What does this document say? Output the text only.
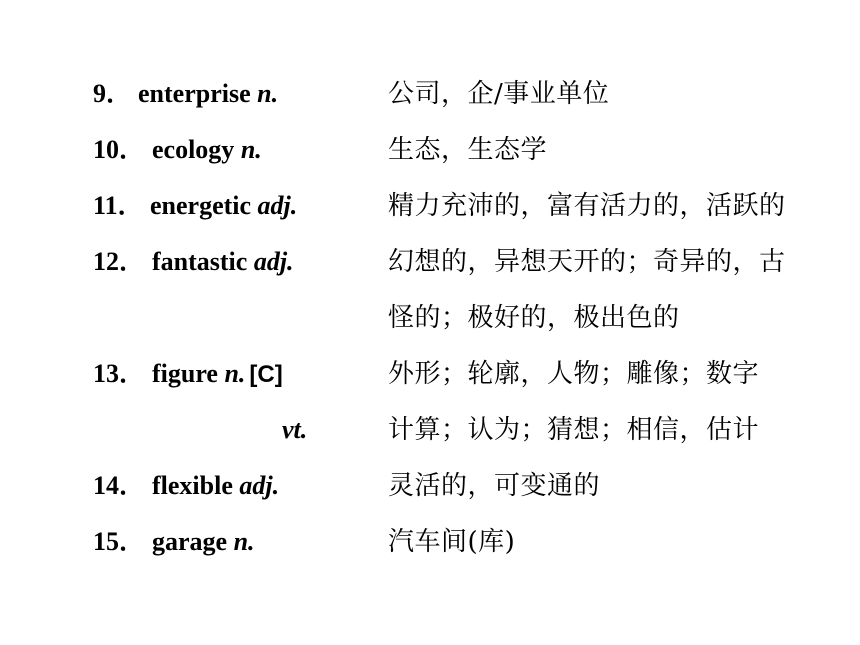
9． enterprise n.	公司，企/事业单位
10． ecology n.	生态，生态学
11． energetic adj.	精力充沛的，富有活力的，活跃的
12． fantastic adj.	幻想的，异想天开的；奇异的，古
怪的；极好的，极出色的
13． figure n. [C]	外形；轮廓，人物；雕像；数字
vt.	计算；认为；猜想；相信，估计
14． flexible adj.	灵活的，可变通的
15． garage n.	汽车间(库)
